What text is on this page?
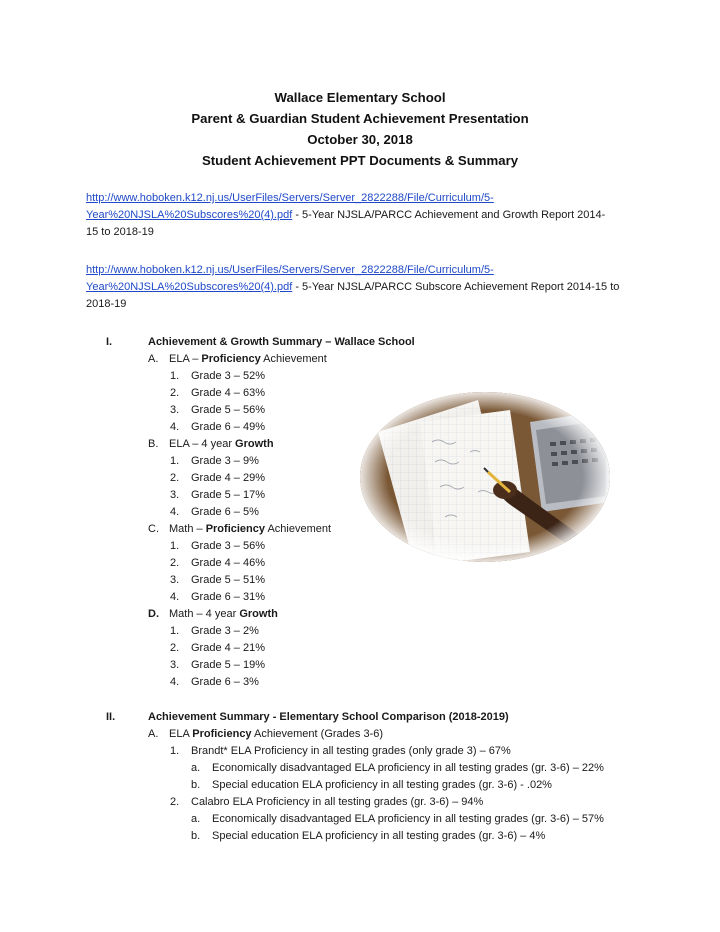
Wallace Elementary School
Parent & Guardian Student Achievement Presentation
October 30, 2018
Student Achievement PPT Documents & Summary
http://www.hoboken.k12.nj.us/UserFiles/Servers/Server_2822288/File/Curriculum/5-
Year%20NJSLA%20Subscores%20(4).pdf - 5-Year NJSLA/PARCC Achievement and Growth Report 2014-
15 to 2018-19
http://www.hoboken.k12.nj.us/UserFiles/Servers/Server_2822288/File/Curriculum/5-
Year%20NJSLA%20Subscores%20(4).pdf - 5-Year NJSLA/PARCC Subscore Achievement Report 2014-15 to
2018-19
I.	Achievement & Growth Summary – Wallace School
A. ELA – Proficiency Achievement
1. Grade 3 – 52%
2. Grade 4 – 63%
3. Grade 5 – 56%
4. Grade 6 – 49%
B. ELA – 4 year Growth
1. Grade 3 – 9%
2. Grade 4 – 29%
3. Grade 5 – 17%
4. Grade 6 – 5%
C. Math – Proficiency Achievement
1. Grade 3 – 56%
2. Grade 4 – 46%
3. Grade 5 – 51%
4. Grade 6 – 31%
D. Math – 4 year Growth
1. Grade 3 – 2%
2. Grade 4 – 21%
3. Grade 5 – 19%
4. Grade 6 – 3%
II.	Achievement Summary - Elementary School Comparison (2018-2019)
A. ELA Proficiency Achievement (Grades 3-6)
1. Brandt* ELA Proficiency in all testing grades (only grade 3) – 67%
a. Economically disadvantaged ELA proficiency in all testing grades (gr. 3-6) – 22%
b. Special education ELA proficiency in all testing grades (gr. 3-6) - .02%
2. Calabro ELA Proficiency in all testing grades (gr. 3-6) – 94%
a. Economically disadvantaged ELA proficiency in all testing grades (gr. 3-6) – 57%
b. Special education ELA proficiency in all testing grades (gr. 3-6) – 4%
